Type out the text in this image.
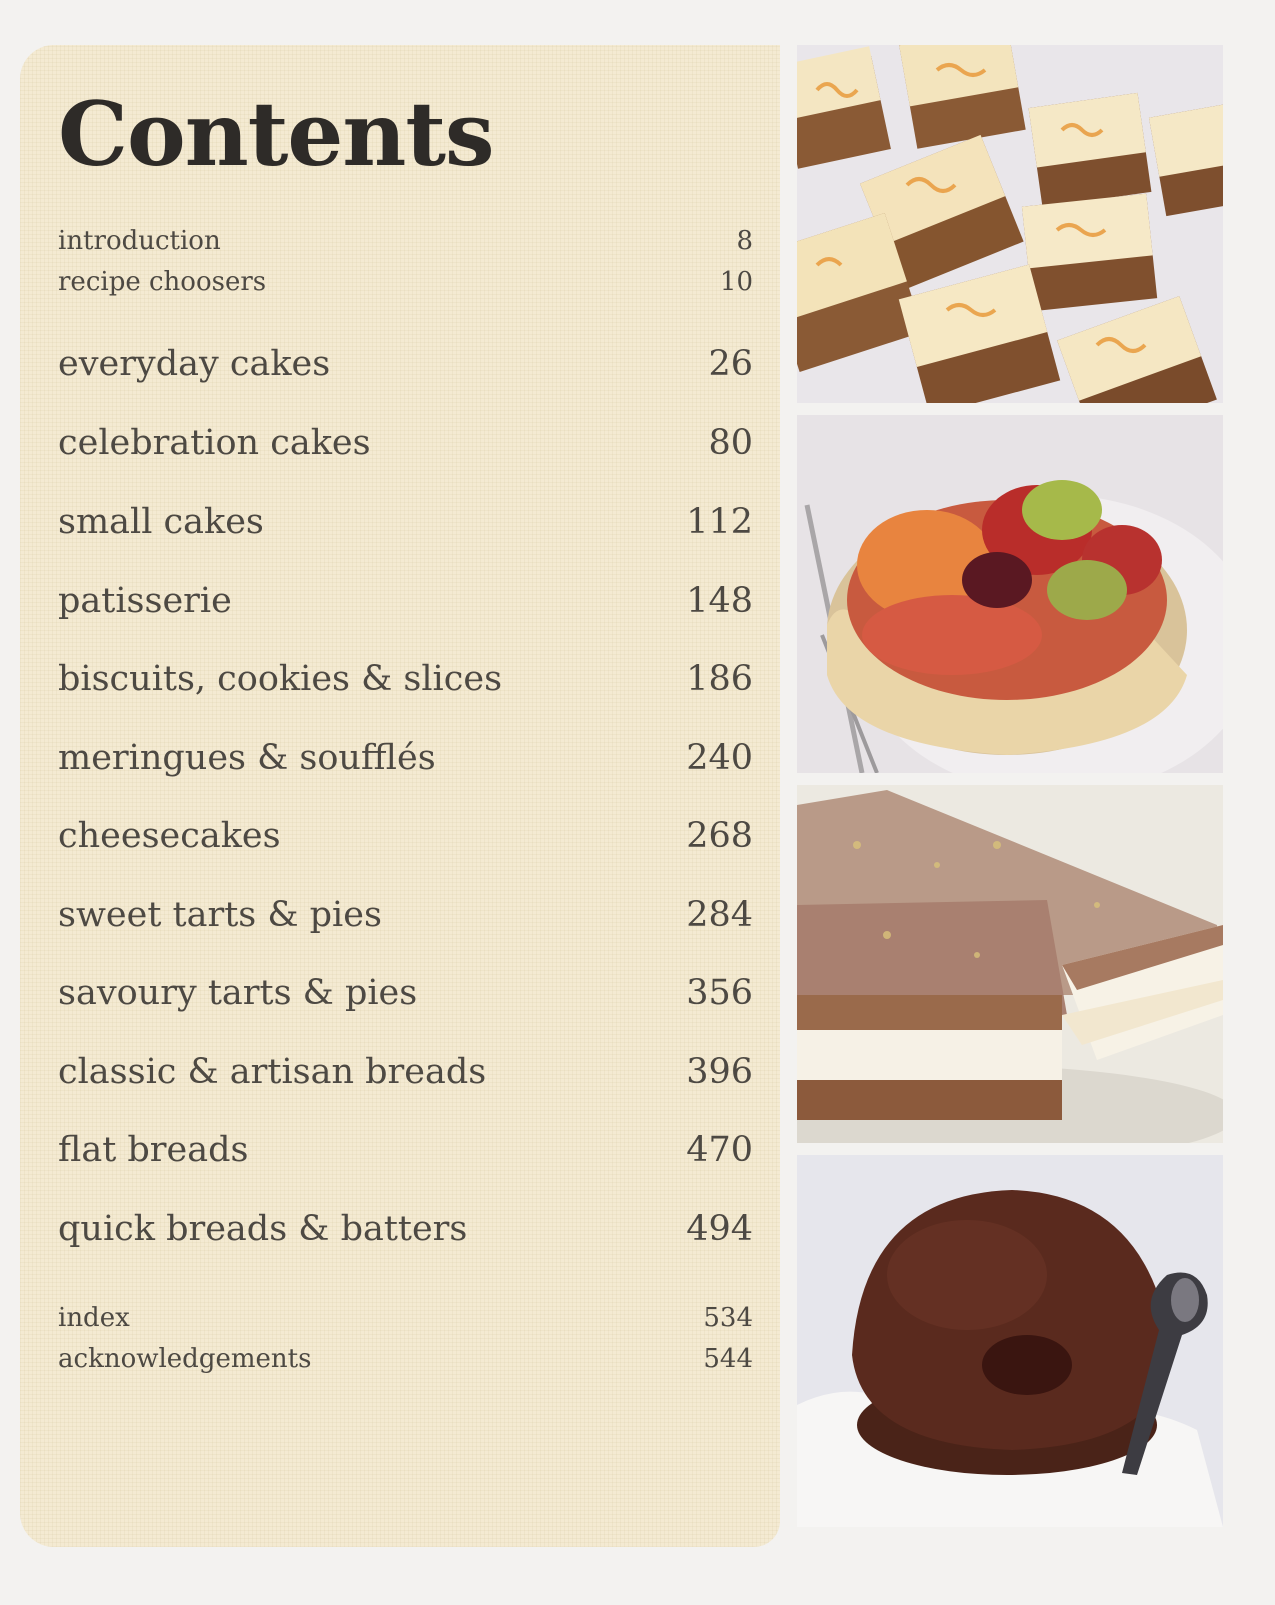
Contents
introduction	8
recipe choosers	10
everyday cakes	26
celebration cakes	80
small cakes	112
patisserie	148
biscuits, cookies & slices	186
meringues & soufflés	240
cheesecakes	268
sweet tarts & pies	284
savoury tarts & pies	356
classic & artisan breads	396
flat breads	470
quick breads & batters	494
index	534
acknowledgements	544
